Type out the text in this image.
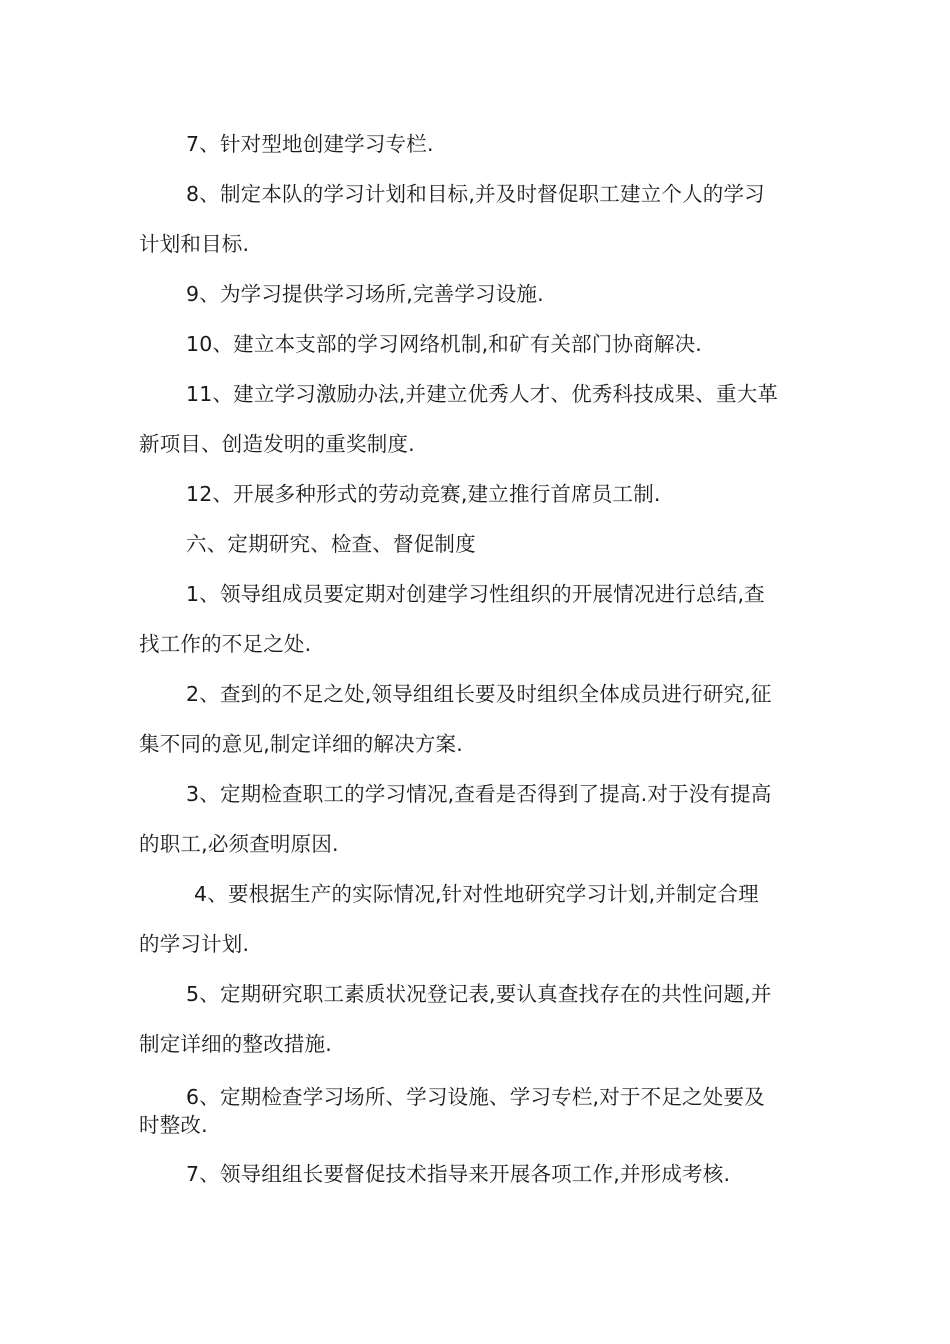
7、针对型地创建学习专栏.
8、制定本队的学习计划和目标,并及时督促职工建立个人的学习
计划和目标.
9、为学习提供学习场所,完善学习设施.
10、建立本支部的学习网络机制,和矿有关部门协商解决.
11、建立学习激励办法,并建立优秀人才、优秀科技成果、重大革
新项目、创造发明的重奖制度.
12、开展多种形式的劳动竞赛,建立推行首席员工制.
六、定期研究、检查、督促制度
1、领导组成员要定期对创建学习性组织的开展情况进行总结,查
找工作的不足之处.
2、查到的不足之处,领导组组长要及时组织全体成员进行研究,征
集不同的意见,制定详细的解决方案.
3、定期检查职工的学习情况,查看是否得到了提高.对于没有提高
的职工,必须查明原因.
4、要根据生产的实际情况,针对性地研究学习计划,并制定合理
的学习计划.
5、定期研究职工素质状况登记表,要认真查找存在的共性问题,并
制定详细的整改措施.
6、定期检查学习场所、学习设施、学习专栏,对于不足之处要及
时整改.
7、领导组组长要督促技术指导来开展各项工作,并形成考核.
